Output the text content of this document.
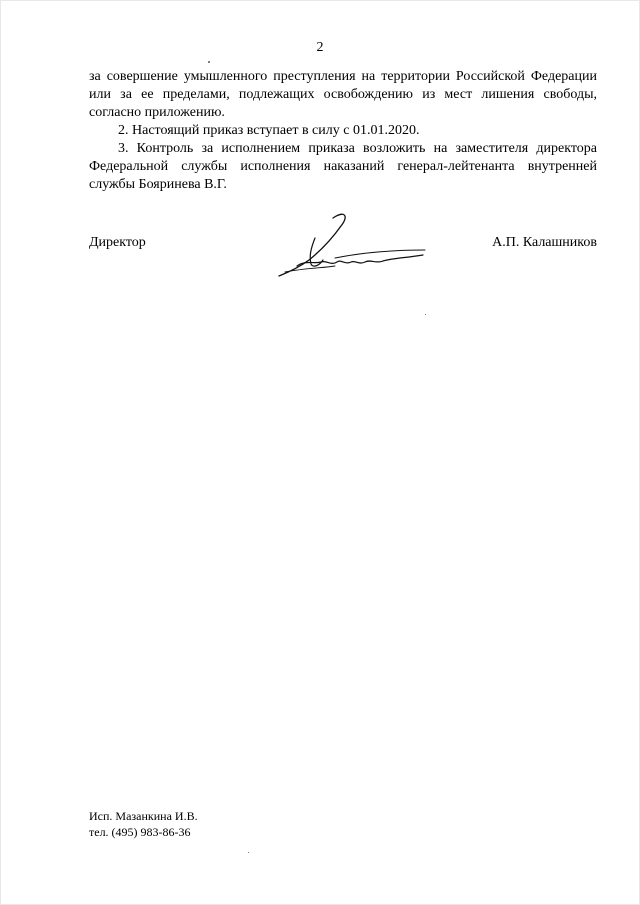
2

за совершение умышленного преступления на территории Российской Федерации или за ее пределами, подлежащих освобождению из мест лишения свободы, согласно приложению.

2. Настоящий приказ вступает в силу с 01.01.2020.

3. Контроль за исполнением приказа возложить на заместителя директора Федеральной службы исполнения наказаний генерал-лейтенанта внутренней службы Бояринева В.Г.

Директор	А.П. Калашников
Исп. Мазанкина И.В.
тел. (495) 983-86-36
